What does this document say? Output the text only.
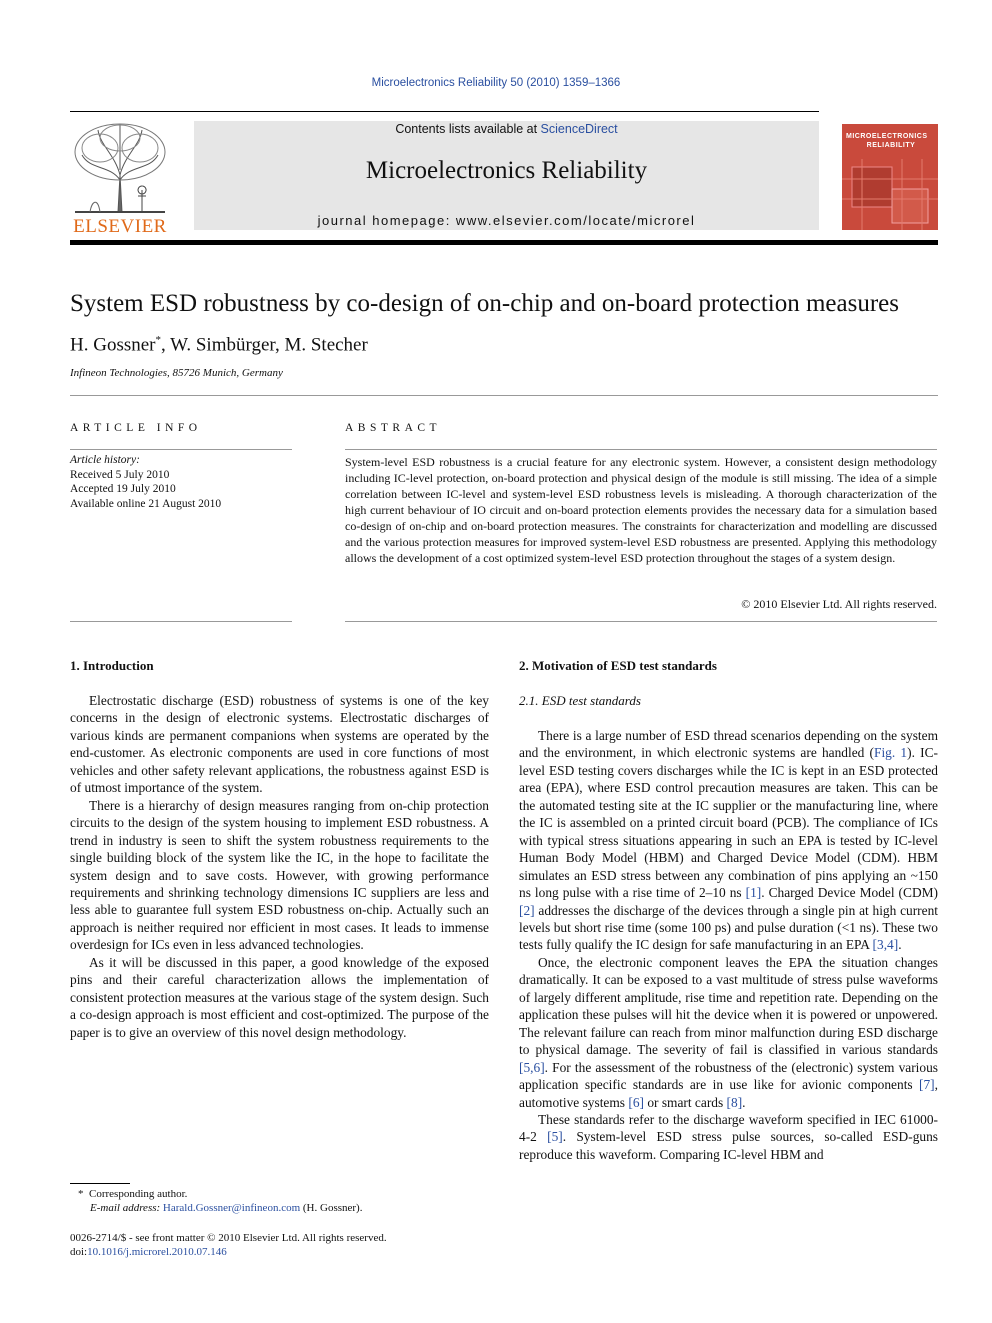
Microelectronics Reliability 50 (2010) 1359–1366
ELSEVIER
Contents lists available at ScienceDirect
Microelectronics Reliability
journal homepage: www.elsevier.com/locate/microrel
MICROELECTRONICS
RELIABILITY
System ESD robustness by co-design of on-chip and on-board protection measures
H. Gossner*, W. Simbürger, M. Stecher
Infineon Technologies, 85726 Munich, Germany
ARTICLE INFO
Article history:
Received 5 July 2010
Accepted 19 July 2010
Available online 21 August 2010
ABSTRACT
System-level ESD robustness is a crucial feature for any electronic system. However, a consistent design methodology including IC-level protection, on-board protection and physical design of the module is still missing. The idea of a simple correlation between IC-level and system-level ESD robustness levels is misleading. A thorough characterization of the high current behaviour of IO circuit and on-board protection elements provides the necessary data for a simulation based co-design of on-chip and on-board protection measures. The constraints for characterization and modelling are discussed and the various protection measures for improved system-level ESD robustness are presented. Applying this methodology allows the development of a cost optimized system-level ESD protection throughout the stages of a system design.
© 2010 Elsevier Ltd. All rights reserved.
1. Introduction

Electrostatic discharge (ESD) robustness of systems is one of the key concerns in the design of electronic systems. Electrostatic discharges of various kinds are permanent companions when systems are operated by the end-customer. As electronic components are used in core functions of most vehicles and other safety relevant applications, the robustness against ESD is of utmost importance of the system.

There is a hierarchy of design measures ranging from on-chip protection circuits to the design of the system housing to implement ESD robustness. A trend in industry is seen to shift the system robustness requirements to the single building block of the system like the IC, in the hope to facilitate the system design and to save costs. However, with growing performance requirements and shrinking technology dimensions IC suppliers are less and less able to guarantee full system ESD robustness on-chip. Actually such an approach is neither required nor efficient in most cases. It leads to immense overdesign for ICs even in less advanced technologies.

As it will be discussed in this paper, a good knowledge of the exposed pins and their careful characterization allows the implementation of consistent protection measures at the various stage of the system design. Such a co-design approach is most efficient and cost-optimized. The purpose of the paper is to give an overview of this novel design methodology.

2. Motivation of ESD test standards
2.1. ESD test standards

There is a large number of ESD thread scenarios depending on the system and the environment, in which electronic systems are handled (Fig. 1). IC-level ESD testing covers discharges while the IC is kept in an ESD protected area (EPA), where ESD control precaution measures are taken. This can be the automated testing site at the IC supplier or the manufacturing line, where the IC is assembled on a printed circuit board (PCB). The compliance of ICs with typical stress situations appearing in such an EPA is tested by IC-level Human Body Model (HBM) and Charged Device Model (CDM). HBM simulates an ESD stress between any combination of pins applying an ~150 ns long pulse with a rise time of 2–10 ns [1]. Charged Device Model (CDM) [2] addresses the discharge of the devices through a single pin at high current levels but short rise time (some 100 ps) and pulse duration (<1 ns). These two tests fully qualify the IC design for safe manufacturing in an EPA [3,4].

Once, the electronic component leaves the EPA the situation changes dramatically. It can be exposed to a vast multitude of stress pulse waveforms of largely different amplitude, rise time and repetition rate. Depending on the application these pulses will hit the device when it is powered or unpowered. The relevant failure can reach from minor malfunction during ESD discharge to physical damage. The severity of fail is classified in various standards [5,6]. For the assessment of the robustness of the (electronic) system various application specific standards are in use like for avionic components [7], automotive systems [6] or smart cards [8].

These standards refer to the discharge waveform specified in IEC 61000-4-2 [5]. System-level ESD stress pulse sources, so-called ESD-guns reproduce this waveform. Comparing IC-level HBM and

* Corresponding author.
E-mail address: Harald.Gossner@infineon.com (H. Gossner).
0026-2714/$ - see front matter © 2010 Elsevier Ltd. All rights reserved.
doi:10.1016/j.microrel.2010.07.146
